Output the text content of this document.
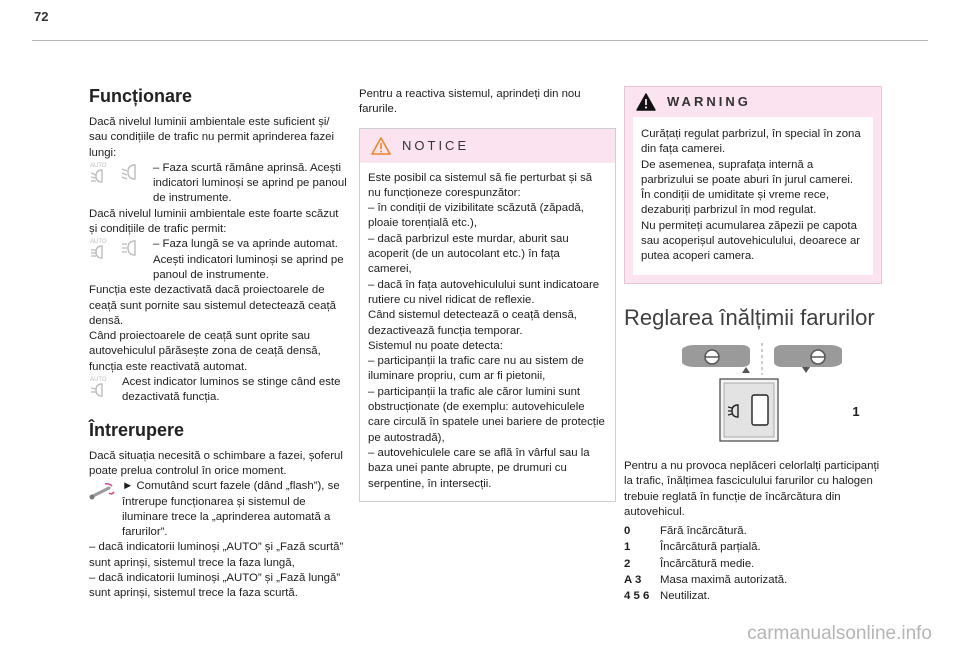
72
Funcționare

Dacă nivelul luminii ambientale este suficient și/ sau condițiile de trafic nu permit aprinderea fazei lungi:

AUTO	– Faza scurtă rămâne aprinsă. Acești indicatori luminoși se aprind pe panoul de instrumente.

Dacă nivelul luminii ambientale este foarte scăzut și condițiile de trafic permit:

AUTO	– Faza lungă se va aprinde automat. Acești indicatori luminoși se aprind pe panoul de instrumente.

Funcția este dezactivată dacă proiectoarele de ceață sunt pornite sau sistemul detectează ceață densă.

Când proiectoarele de ceață sunt oprite sau autovehiculul părăsește zona de ceață densă, funcția este reactivată automat.

AUTO Acest indicator luminos se stinge când este dezactivată funcția.

Întrerupere

Dacă situația necesită o schimbare a fazei, șoferul poate prelua controlul în orice moment.

► Comutând scurt fazele (dând „flash”), se întrerupe funcționarea și sistemul de iluminare trece la „aprinderea automată a farurilor”.

– dacă indicatorii luminoși „AUTO” și „Fază scurtă” sunt aprinși, sistemul trece la faza lungă,

– dacă indicatorii luminoși „AUTO” și „Fază lungă” sunt aprinși, sistemul trece la faza scurtă.

Pentru a reactiva sistemul, aprindeți din nou farurile.

NOTICE

Este posibil ca sistemul să fie perturbat și să nu funcționeze corespunzător:

– în condiții de vizibilitate scăzută (zăpadă, ploaie torențială etc.),

– dacă parbrizul este murdar, aburit sau acoperit (de un autocolant etc.) în fața camerei,

– dacă în fața autovehiculului sunt indicatoare rutiere cu nivel ridicat de reflexie.

Când sistemul detectează o ceață densă, dezactivează funcția temporar.

Sistemul nu poate detecta:

– participanții la trafic care nu au sistem de iluminare propriu, cum ar fi pietonii,

– participanții la trafic ale căror lumini sunt obstrucționate (de exemplu: autovehiculele care circulă în spatele unei bariere de protecție pe autostradă),

– autovehiculele care se află în vârful sau la baza unei pante abrupte, pe drumuri cu serpentine, în intersecții.

WARNING

Curățați regulat parbrizul, în special în zona din fața camerei.

De asemenea, suprafața internă a parbrizului se poate aburi în jurul camerei. În condiții de umiditate și vreme rece, dezaburiți parbrizul în mod regulat.

Nu permiteți acumularea zăpezii pe capota sau acoperișul autovehiculului, deoarece ar putea acoperi camera.

Reglarea înălțimii farurilor
1

Pentru a nu provoca neplăceri celorlalți participanți la trafic, înălțimea fasciculului farurilor cu halogen trebuie reglată în funcție de încărcătura din autovehicul.

0	Fără încărcătură.
1	Încărcătură parțială.
2	Încărcătură medie.
A 3	Masa maximă autorizată.
4 5 6 Neutilizat.
carmanualsonline.info
